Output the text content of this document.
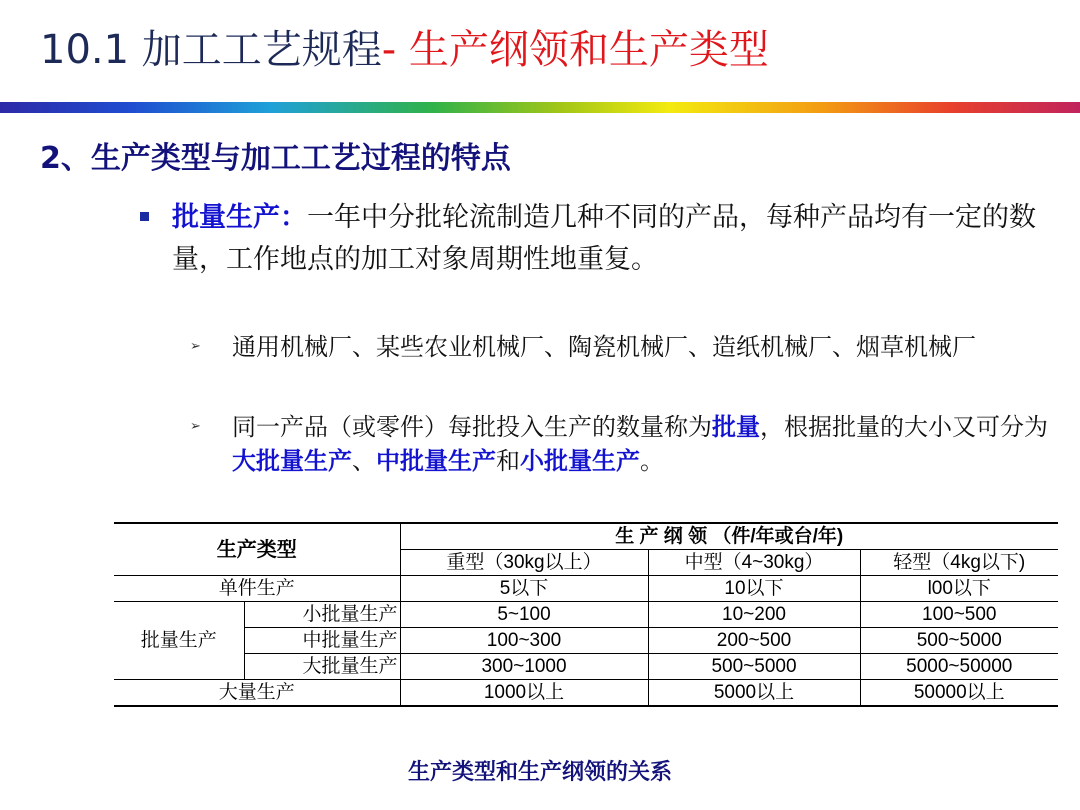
10.1 加工工艺规程- 生产纲领和生产类型
2、生产类型与加工工艺过程的特点
批量生产：一年中分批轮流制造几种不同的产品，每种产品均有一定的数量，工作地点的加工对象周期性地重复。
➢ 通用机械厂、某些农业机械厂、陶瓷机械厂、造纸机械厂、烟草机械厂
➢ 同一产品（或零件）每批投入生产的数量称为批量，根据批量的大小又可分为大批量生产、中批量生产和小批量生产。
生产类型		生 产 纲 领 （件/年或台/年)		
		重型（30kg以上）	中型（4~30kg）	轻型（4kg以下)
单件生产		5以下	10以下	l00以下
批量生产	小批量生产	5~100	10~200	100~500
	中批量生产	100~300	200~500	500~5000
	大批量生产	300~1000	500~5000	5000~50000
大量生产		1000以上	5000以上	50000以上
生产类型和生产纲领的关系
